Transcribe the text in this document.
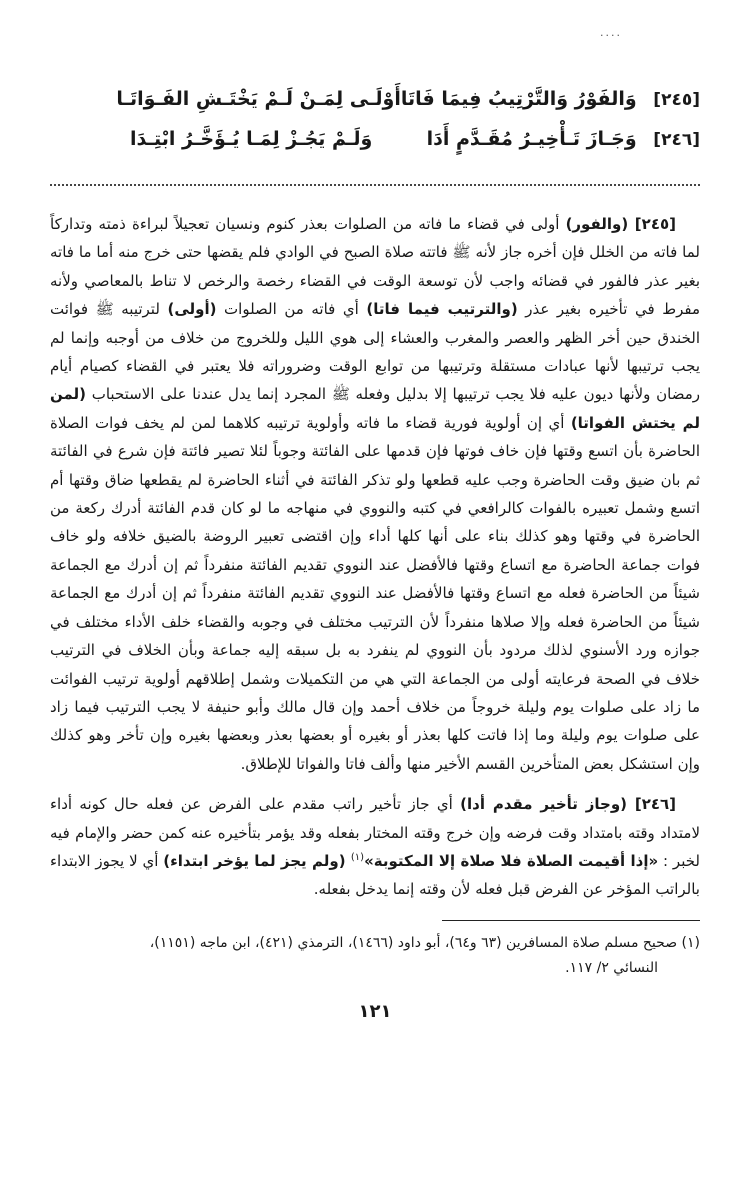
....
[٢٤٥] وَالفَوْرُ وَالتَّرْتِيبُ فِيمَا فَاتَا
أَوْلَـى لِمَـنْ لَـمْ يَخْتَـشِ الفَـوَاتَـا
[٢٤٦] وَجَـازَ تَـأْخِيـرُ مُقَـدَّمٍ أَدَا
وَلَـمْ يَجُـزْ لِمَـا يُـؤَخَّـرُ ابْتِـدَا

[٢٤٥] (والفور) أولى في قضاء ما فاته من الصلوات بعذر كنوم ونسيان تعجيلاً لبراءة ذمته وتداركاً لما فاته من الخلل فإن أخره جاز لأنه ﷺ فاتته صلاة الصبح في الوادي فلم يقضها حتى خرج منه أما ما فاته بغير عذر فالفور في قضائه واجب لأن توسعة الوقت في القضاء رخصة والرخص لا تناط بالمعاصي ولأنه مفرط في تأخيره بغير عذر (والترتيب فيما فاتا) أي فاته من الصلوات (أولى) لترتيبه ﷺ فوائت الخندق حين أخر الظهر والعصر والمغرب والعشاء إلى هوي الليل وللخروج من خلاف من أوجبه وإنما لم يجب ترتيبها لأنها عبادات مستقلة وترتيبها من توابع الوقت وضروراته فلا يعتبر في القضاء كصيام أيام رمضان ولأنها ديون عليه فلا يجب ترتيبها إلا بدليل وفعله ﷺ المجرد إنما يدل عندنا على الاستحباب (لمن لم يختش الفواتا) أي إن أولوية فورية قضاء ما فاته وأولوية ترتيبه كلاهما لمن لم يخف فوات الصلاة الحاضرة بأن اتسع وقتها فإن خاف فوتها فإن قدمها على الفائتة وجوباً لئلا تصير فائتة فإن شرع في الفائتة ثم بان ضيق وقت الحاضرة وجب عليه قطعها ولو تذكر الفائتة في أثناء الحاضرة لم يقطعها ضاق وقتها أم اتسع وشمل تعبيره بالفوات كالرافعي في كتبه والنووي في منهاجه ما لو كان قدم الفائتة أدرك ركعة من الحاضرة في وقتها وهو كذلك بناء على أنها كلها أداء وإن اقتضى تعبير الروضة بالضيق خلافه ولو خاف فوات جماعة الحاضرة مع اتساع وقتها فالأفضل عند النووي تقديم الفائتة منفرداً ثم إن أدرك مع الجماعة شيئاً من الحاضرة فعله مع اتساع وقتها فالأفضل عند النووي تقديم الفائتة منفرداً ثم إن أدرك مع الجماعة شيئاً من الحاضرة فعله وإلا صلاها منفرداً لأن الترتيب مختلف في وجوبه والقضاء خلف الأداء مختلف في جوازه ورد الأسنوي لذلك مردود بأن النووي لم ينفرد به بل سبقه إليه جماعة وبأن الخلاف في الترتيب خلاف في الصحة فرعايته أولى من الجماعة التي هي من التكميلات وشمل إطلاقهم أولوية ترتيب الفوائت ما زاد على صلوات يوم وليلة خروجاً من خلاف أحمد وإن قال مالك وأبو حنيفة لا يجب الترتيب فيما زاد على صلوات يوم وليلة وما إذا فاتت كلها بعذر أو بغيره أو بعضها بعذر وبعضها بغيره وإن تأخر وهو كذلك وإن استشكل بعض المتأخرين القسم الأخير منها وألف فاتا والفواتا للإطلاق.

[٢٤٦] (وجاز تأخير مقدم أدا) أي جاز تأخير راتب مقدم على الفرض عن فعله حال كونه أداء لامتداد وقته بامتداد وقت فرضه وإن خرج وقته المختار بفعله وقد يؤمر بتأخيره عنه كمن حضر والإمام فيه لخبر : «إذا أقيمت الصلاة فلا صلاة إلا المكتوبة»$^{(١)}$ (ولم يجز لما يؤخر ابتداء) أي لا يجوز الابتداء بالراتب المؤخر عن الفرض قبل فعله لأن وقته إنما يدخل بفعله.

(١) صحيح مسلم صلاة المسافرين (٦٣ و٦٤)، أبو داود (١٤٦٦)، الترمذي (٤٢١)، ابن ماجه (١١٥١)،

النسائي ٢/ ١١٧.

١٢١
